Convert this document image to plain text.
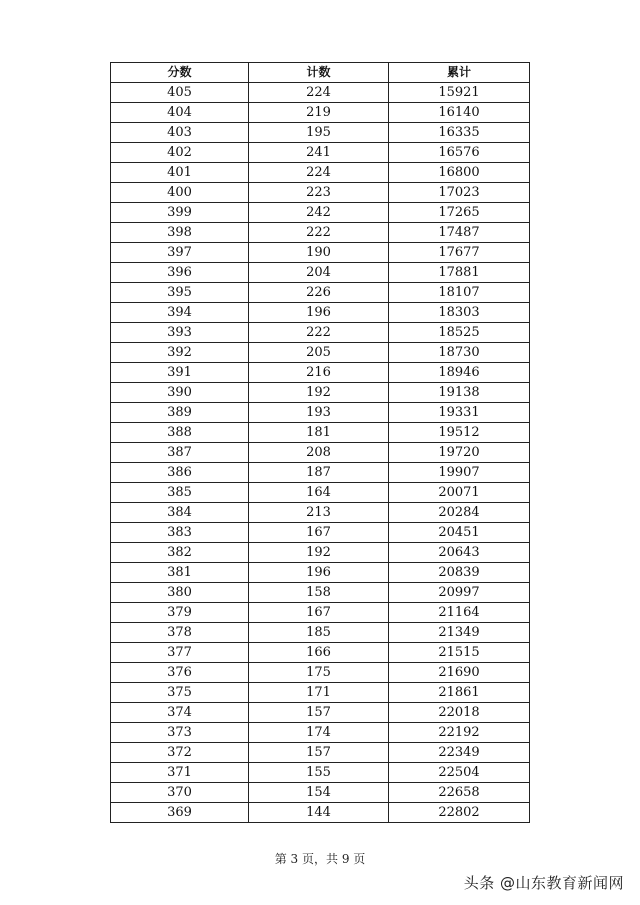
分数	计数	累计
405	224	15921
404	219	16140
403	195	16335
402	241	16576
401	224	16800
400	223	17023
399	242	17265
398	222	17487
397	190	17677
396	204	17881
395	226	18107
394	196	18303
393	222	18525
392	205	18730
391	216	18946
390	192	19138
389	193	19331
388	181	19512
387	208	19720
386	187	19907
385	164	20071
384	213	20284
383	167	20451
382	192	20643
381	196	20839
380	158	20997
379	167	21164
378	185	21349
377	166	21515
376	175	21690
375	171	21861
374	157	22018
373	174	22192
372	157	22349
371	155	22504
370	154	22658
369	144	22802
第 3 页，共 9 页
头条 @山东教育新闻网
